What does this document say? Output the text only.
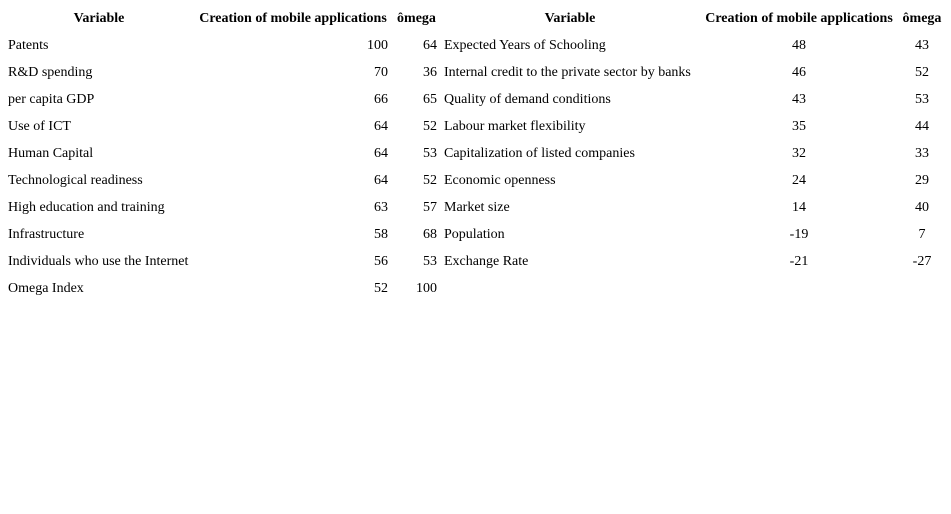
Variable	Creation of mobile applications	ômega
Patents	100	64
R&D spending	70	36
per capita GDP	66	65
Use of ICT	64	52
Human Capital	64	53
Technological readiness	64	52
High education and training	63	57
Infrastructure	58	68
Individuals who use the Internet	56	53
Omega Index	52	100
Variable	Creation of mobile applications	ômega
Expected Years of Schooling	48	43
Internal credit to the private sector by banks	46	52
Quality of demand conditions	43	53
Labour market flexibility	35	44
Capitalization of listed companies	32	33
Economic openness	24	29
Market size	14	40
Population	-19	7
Exchange Rate	-21	-27
